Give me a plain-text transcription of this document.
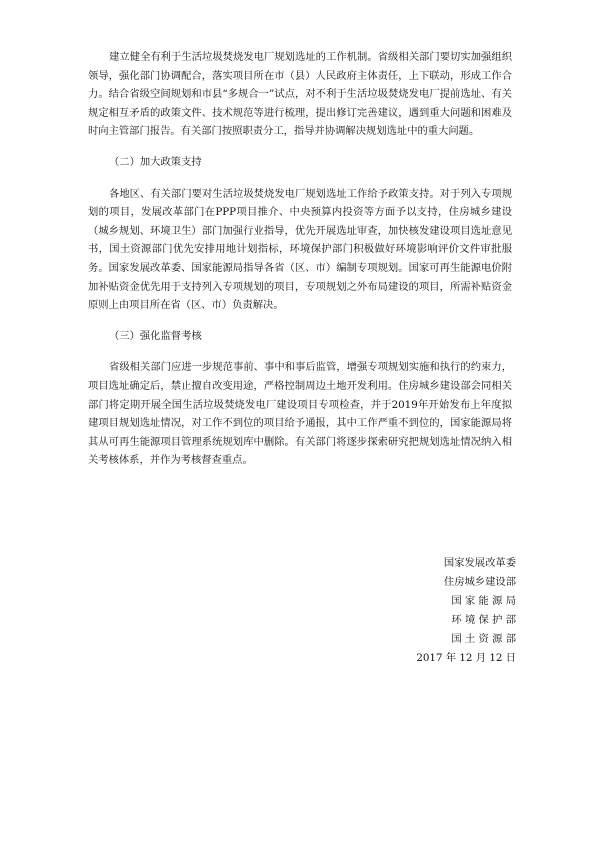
建立健全有利于生活垃圾焚烧发电厂规划选址的工作机制。省级相关部门要切实加强组织领导，强化部门协调配合，落实项目所在市（县）人民政府主体责任，上下联动，形成工作合力。结合省级空间规划和市县“多规合一”试点，对不利于生活垃圾焚烧发电厂提前选址、有关规定相互矛盾的政策文件、技术规范等进行梳理，提出修订完善建议，遇到重大问题和困难及时向主管部门报告。有关部门按照职责分工，指导并协调解决规划选址中的重大问题。

（二）加大政策支持

各地区、有关部门要对生活垃圾焚烧发电厂规划选址工作给予政策支持。对于列入专项规划的项目，发展改革部门在PPP项目推介、中央预算内投资等方面予以支持，住房城乡建设（城乡规划、环境卫生）部门加强行业指导，优先开展选址审查，加快核发建设项目选址意见书，国土资源部门优先安排用地计划指标，环境保护部门积极做好环境影响评价文件审批服务。国家发展改革委、国家能源局指导各省（区、市）编制专项规划。国家可再生能源电价附加补贴资金优先用于支持列入专项规划的项目，专项规划之外布局建设的项目，所需补贴资金原则上由项目所在省（区、市）负责解决。

（三）强化监督考核

省级相关部门应进一步规范事前、事中和事后监管，增强专项规划实施和执行的约束力，项目选址确定后，禁止擅自改变用途，严格控制周边土地开发利用。住房城乡建设部会同相关部门将定期开展全国生活垃圾焚烧发电厂建设项目专项检查，并于2019年开始发布上年度拟建项目规划选址情况，对工作不到位的项目给予通报，其中工作严重不到位的，国家能源局将其从可再生能源项目管理系统规划库中删除。有关部门将逐步探索研究把规划选址情况纳入相关考核体系，并作为考核督查重点。

国家发展改革委
住房城乡建设部
国 家 能 源 局
环 境 保 护 部
国 土 资 源 部
2017 年 12 月 12 日
